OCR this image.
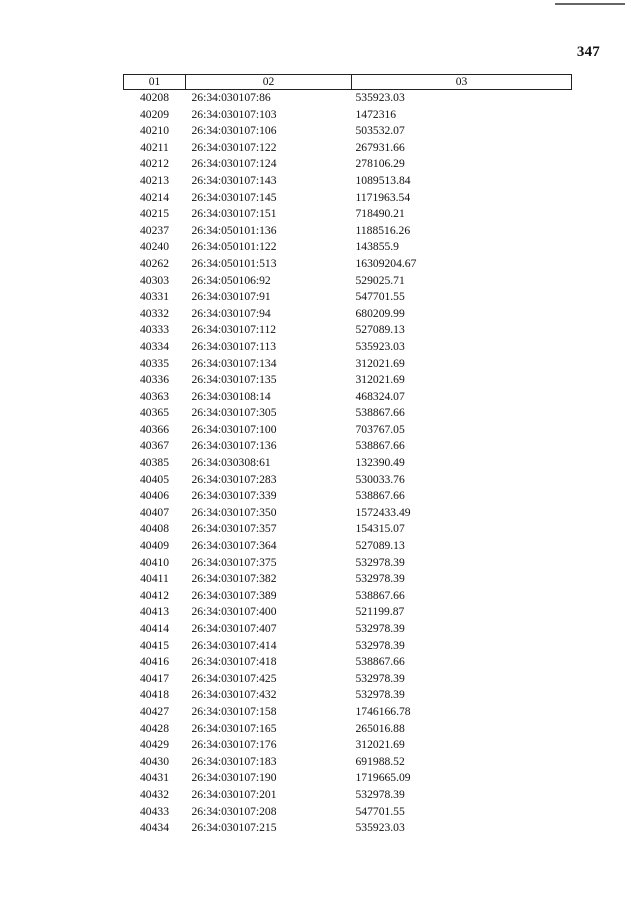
347
01	02	03
40208	26:34:030107:86	535923.03
40209	26:34:030107:103	1472316
40210	26:34:030107:106	503532.07
40211	26:34:030107:122	267931.66
40212	26:34:030107:124	278106.29
40213	26:34:030107:143	1089513.84
40214	26:34:030107:145	1171963.54
40215	26:34:030107:151	718490.21
40237	26:34:050101:136	1188516.26
40240	26:34:050101:122	143855.9
40262	26:34:050101:513	16309204.67
40303	26:34:050106:92	529025.71
40331	26:34:030107:91	547701.55
40332	26:34:030107:94	680209.99
40333	26:34:030107:112	527089.13
40334	26:34:030107:113	535923.03
40335	26:34:030107:134	312021.69
40336	26:34:030107:135	312021.69
40363	26:34:030108:14	468324.07
40365	26:34:030107:305	538867.66
40366	26:34:030107:100	703767.05
40367	26:34:030107:136	538867.66
40385	26:34:030308:61	132390.49
40405	26:34:030107:283	530033.76
40406	26:34:030107:339	538867.66
40407	26:34:030107:350	1572433.49
40408	26:34:030107:357	154315.07
40409	26:34:030107:364	527089.13
40410	26:34:030107:375	532978.39
40411	26:34:030107:382	532978.39
40412	26:34:030107:389	538867.66
40413	26:34:030107:400	521199.87
40414	26:34:030107:407	532978.39
40415	26:34:030107:414	532978.39
40416	26:34:030107:418	538867.66
40417	26:34:030107:425	532978.39
40418	26:34:030107:432	532978.39
40427	26:34:030107:158	1746166.78
40428	26:34:030107:165	265016.88
40429	26:34:030107:176	312021.69
40430	26:34:030107:183	691988.52
40431	26:34:030107:190	1719665.09
40432	26:34:030107:201	532978.39
40433	26:34:030107:208	547701.55
40434	26:34:030107:215	535923.03
